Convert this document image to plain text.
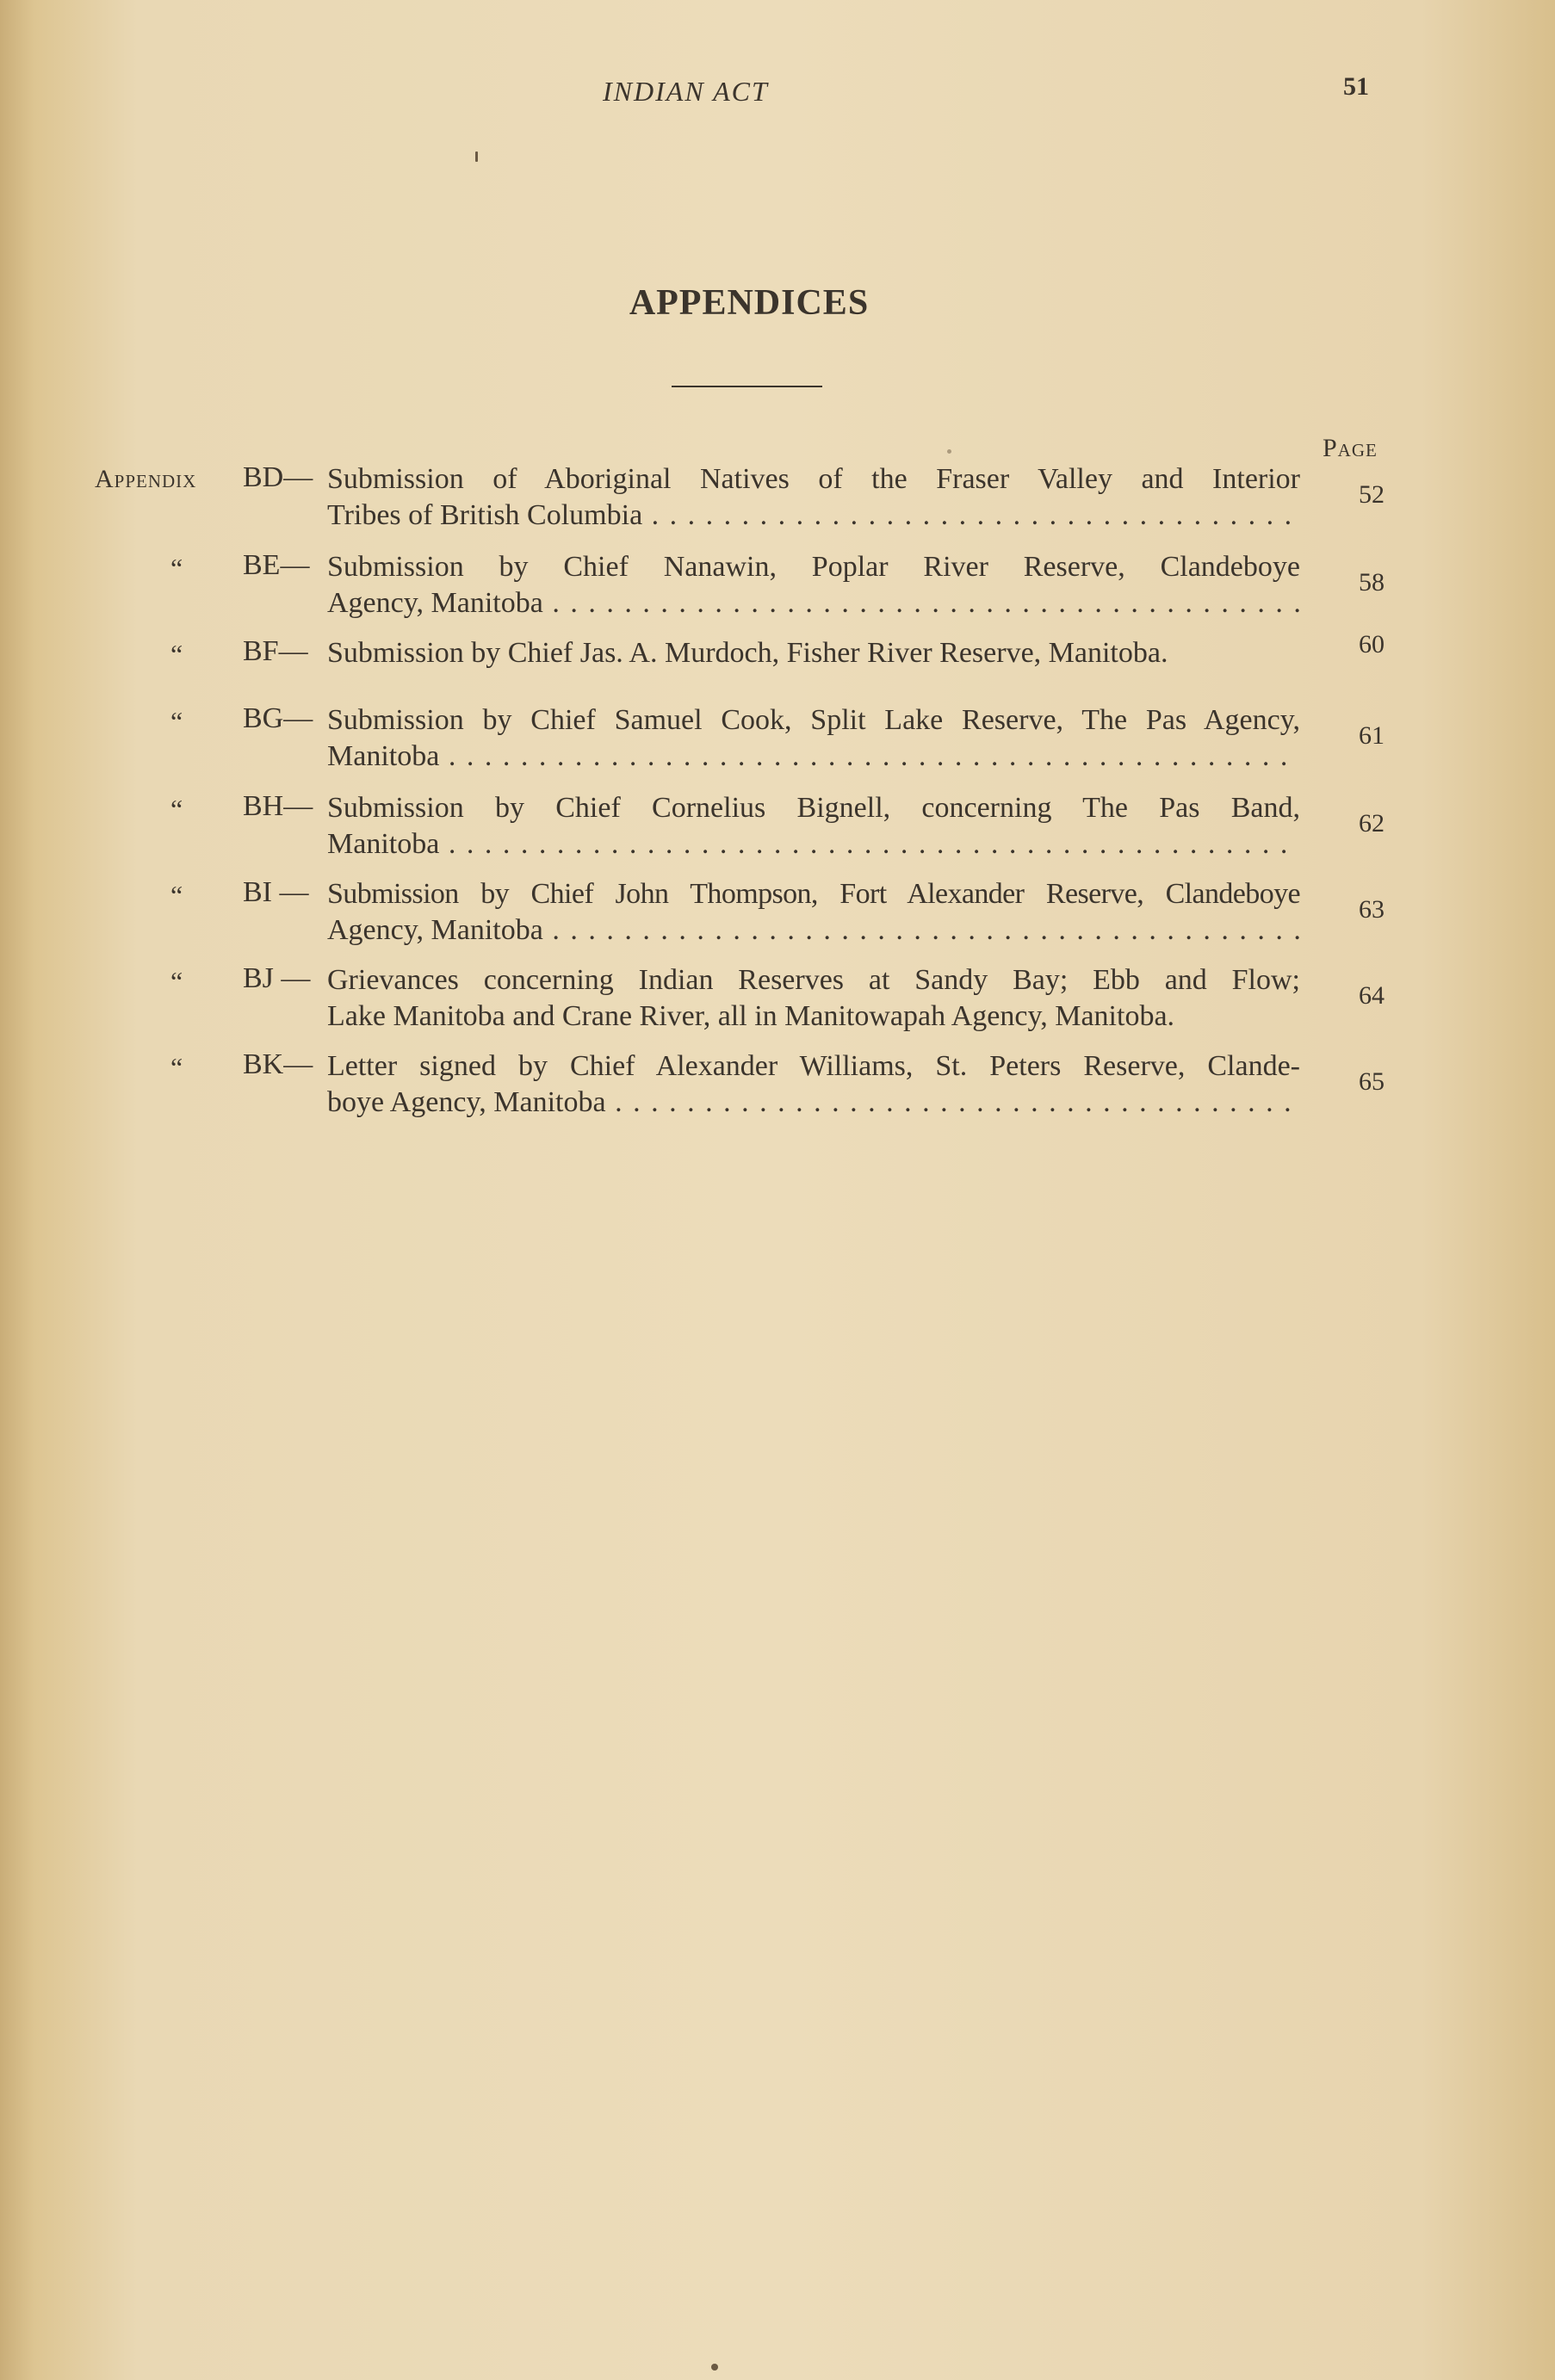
INDIAN ACT	51
APPENDICES
Page
Appendix BD— Submission of Aboriginal Natives of the Fraser Valley and Interior
Tribes of British Columbia . . .
52
“ BE— Submission by Chief Nanawin, Poplar River Reserve, Clandeboye
Agency, Manitoba . . .
58
“ BF— Submission by Chief Jas. A. Murdoch, Fisher River Reserve, Manitoba.	60
“ BG— Submission by Chief Samuel Cook, Split Lake Reserve, The Pas Agency,
Manitoba . . .
61
“ BH— Submission by Chief Cornelius Bignell, concerning The Pas Band,
Manitoba . . .
62
“ BI — Submission by Chief John Thompson, Fort Alexander Reserve, Clandeboye
Agency, Manitoba . . .
63
“ BJ — Grievances concerning Indian Reserves at Sandy Bay; Ebb and Flow;
Lake Manitoba and Crane River, all in Manitowapah Agency, Manitoba.
64
“ BK— Letter signed by Chief Alexander Williams, St. Peters Reserve, Clande-
boye Agency, Manitoba . . .
65
